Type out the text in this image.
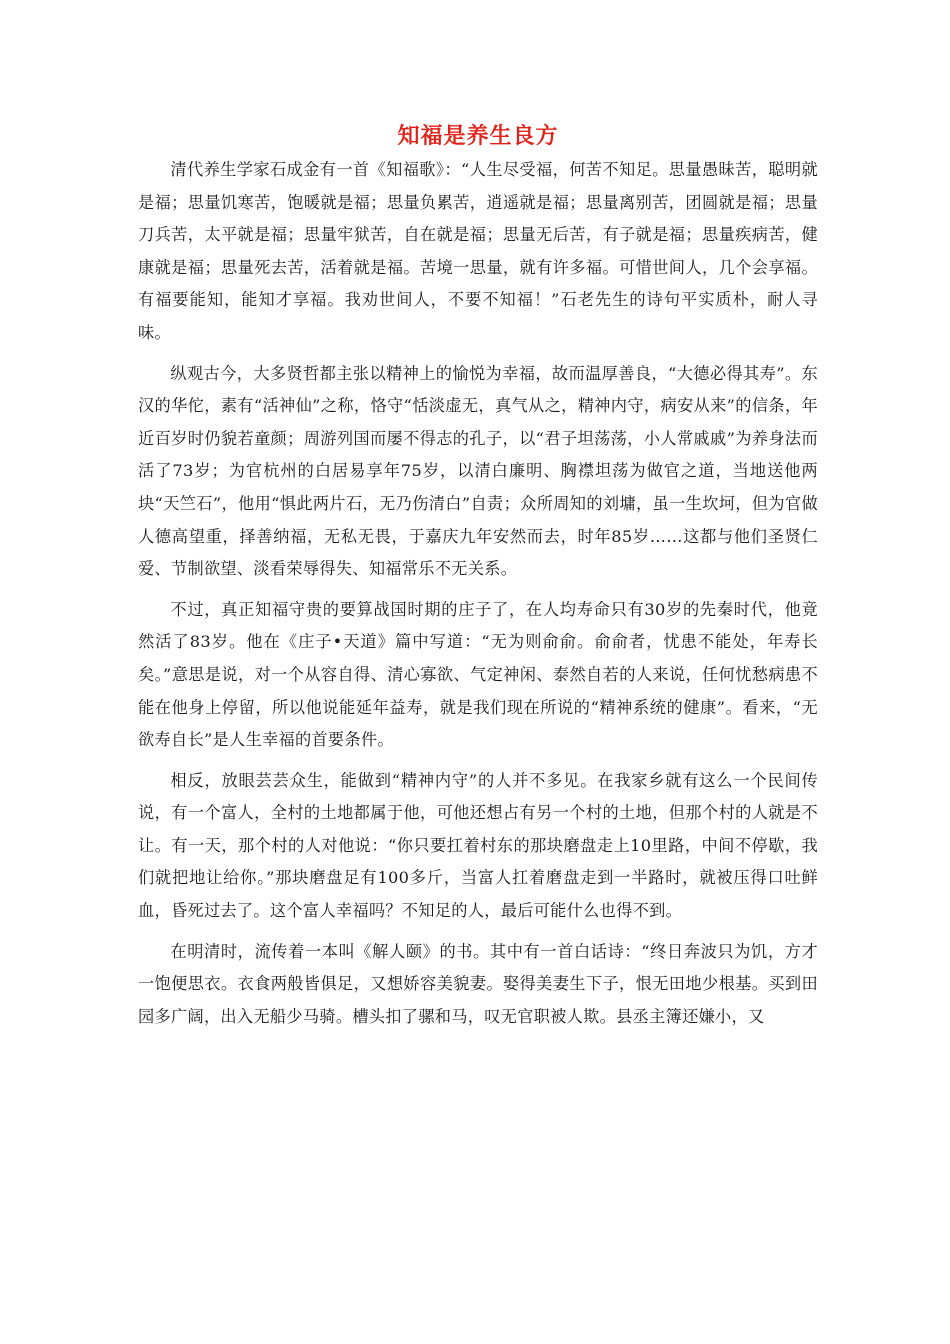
知福是养生良方

清代养生学家石成金有一首《知福歌》：“人生尽受福，何苦不知足。思量愚昧苦，聪明就是福；思量饥寒苦，饱暖就是福；思量负累苦，逍遥就是福；思量离别苦，团圆就是福；思量刀兵苦，太平就是福；思量牢狱苦，自在就是福；思量无后苦，有子就是福；思量疾病苦，健康就是福；思量死去苦，活着就是福。苦境一思量，就有许多福。可惜世间人，几个会享福。有福要能知，能知才享福。我劝世间人，不要不知福！”石老先生的诗句平实质朴，耐人寻味。

纵观古今，大多贤哲都主张以精神上的愉悦为幸福，故而温厚善良，“大德必得其寿”。东汉的华佗，素有“活神仙”之称，恪守“恬淡虚无，真气从之，精神内守，病安从来”的信条，年近百岁时仍貌若童颜；周游列国而屡不得志的孔子，以“君子坦荡荡，小人常戚戚”为养身法而活了73岁；为官杭州的白居易享年75岁，以清白廉明、胸襟坦荡为做官之道，当地送他两块“天竺石”，他用“惧此两片石，无乃伤清白”自责；众所周知的刘墉，虽一生坎坷，但为官做人德高望重，择善纳福，无私无畏，于嘉庆九年安然而去，时年85岁……这都与他们圣贤仁爱、节制欲望、淡看荣辱得失、知福常乐不无关系。

不过，真正知福守贵的要算战国时期的庄子了，在人均寿命只有30岁的先秦时代，他竟然活了83岁。他在《庄子•天道》篇中写道：“无为则俞俞。俞俞者，忧患不能处，年寿长矣。”意思是说，对一个从容自得、清心寡欲、气定神闲、泰然自若的人来说，任何忧愁病患不能在他身上停留，所以他说能延年益寿，就是我们现在所说的“精神系统的健康”。看来，“无欲寿自长”是人生幸福的首要条件。

相反，放眼芸芸众生，能做到“精神内守”的人并不多见。在我家乡就有这么一个民间传说，有一个富人，全村的土地都属于他，可他还想占有另一个村的土地，但那个村的人就是不让。有一天，那个村的人对他说：“你只要扛着村东的那块磨盘走上10里路，中间不停歇，我们就把地让给你。”那块磨盘足有100多斤，当富人扛着磨盘走到一半路时，就被压得口吐鲜血，昏死过去了。这个富人幸福吗？不知足的人，最后可能什么也得不到。

在明清时，流传着一本叫《解人颐》的书。其中有一首白话诗：“终日奔波只为饥，方才一饱便思衣。衣食两般皆俱足，又想娇容美貌妻。娶得美妻生下子，恨无田地少根基。买到田园多广阔，出入无船少马骑。槽头扣了骡和马，叹无官职被人欺。县丞主簿还嫌小，又
